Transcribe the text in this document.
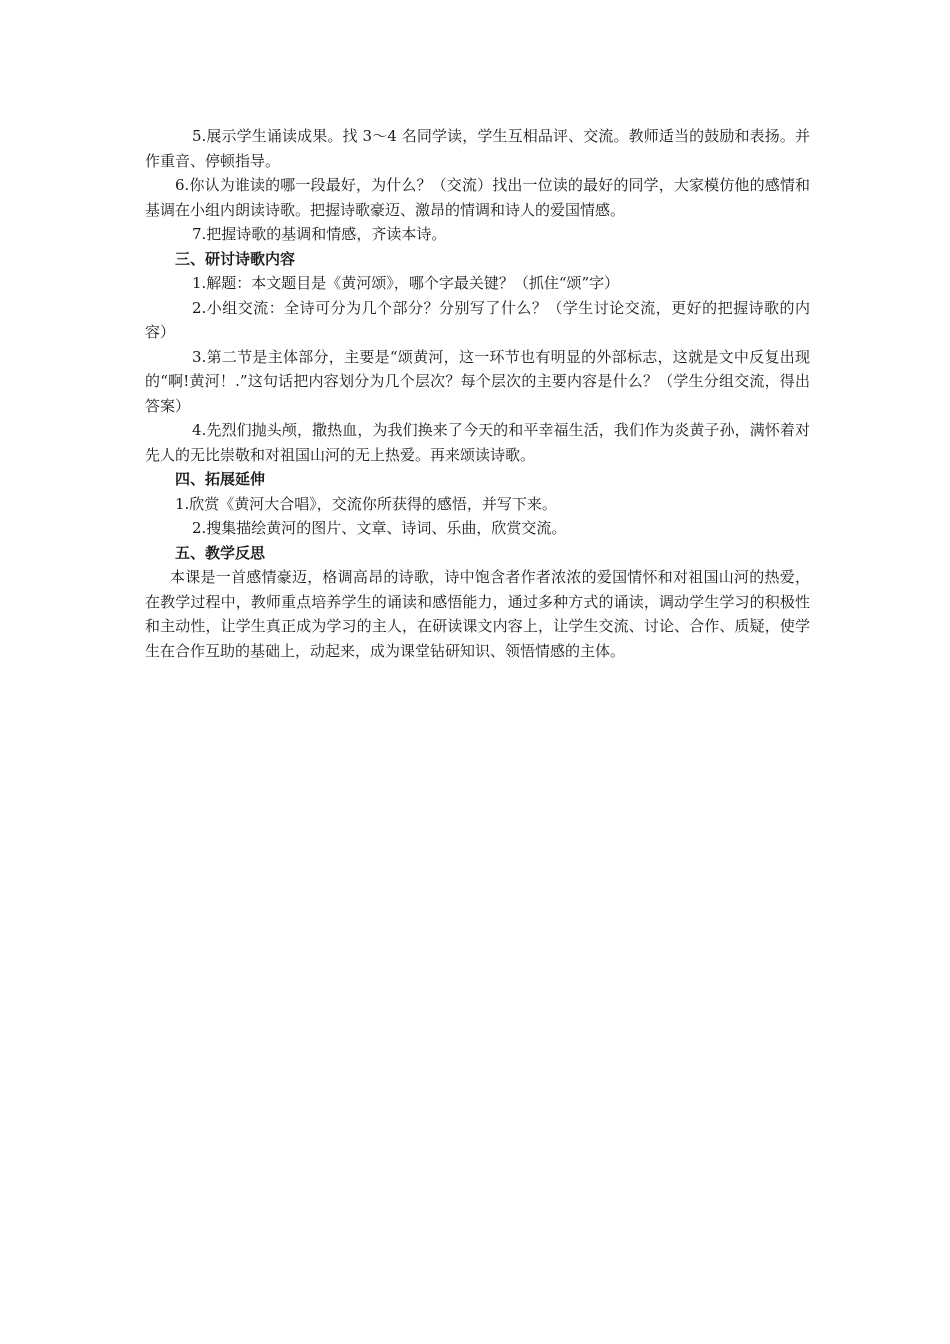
5.展示学生诵读成果。找 3～4 名同学读，学生互相品评、交流。教师适当的鼓励和表扬。并作重音、停顿指导。

6.你认为谁读的哪一段最好，为什么？（交流）找出一位读的最好的同学，大家模仿他的感情和基调在小组内朗读诗歌。把握诗歌豪迈、激昂的情调和诗人的爱国情感。

7.把握诗歌的基调和情感，齐读本诗。

三、研讨诗歌内容

1.解题：本文题目是《黄河颂》，哪个字最关键？（抓住“颂”字）

2.小组交流：全诗可分为几个部分？分别写了什么？（学生讨论交流，更好的把握诗歌的内容）

3.第二节是主体部分，主要是“颂黄河，这一环节也有明显的外部标志，这就是文中反复出现的“啊!黄河！.”这句话把内容划分为几个层次？每个层次的主要内容是什么？（学生分组交流，得出答案）

4.先烈们抛头颅，撒热血，为我们换来了今天的和平幸福生活，我们作为炎黄子孙，满怀着对先人的无比崇敬和对祖国山河的无上热爱。再来颂读诗歌。

四、拓展延伸

1.欣赏《黄河大合唱》，交流你所获得的感悟，并写下来。

2.搜集描绘黄河的图片、文章、诗词、乐曲，欣赏交流。

五、教学反思

本课是一首感情豪迈，格调高昂的诗歌，诗中饱含者作者浓浓的爱国情怀和对祖国山河的热爱，在教学过程中，教师重点培养学生的诵读和感悟能力，通过多种方式的诵读，调动学生学习的积极性和主动性，让学生真正成为学习的主人，在研读课文内容上，让学生交流、讨论、合作、质疑，使学生在合作互助的基础上，动起来，成为课堂钻研知识、领悟情感的主体。
